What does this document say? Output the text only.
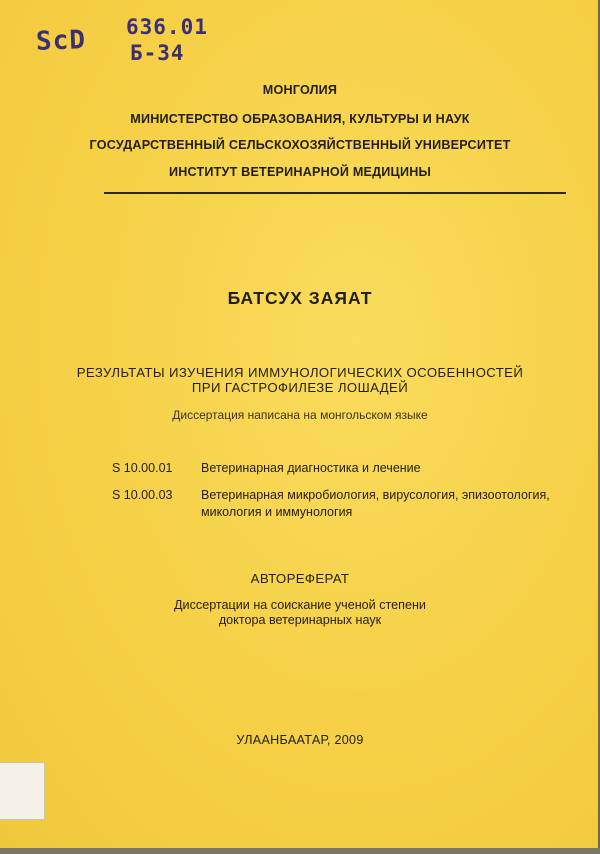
ScD 636.01
Б-34
МОНГОЛИЯ
МИНИСТЕРСТВО ОБРАЗОВАНИЯ, КУЛЬТУРЫ И НАУК
ГОСУДАРСТВЕННЫЙ СЕЛЬСКОХОЗЯЙСТВЕННЫЙ УНИВЕРСИТЕТ
ИНСТИТУТ ВЕТЕРИНАРНОЙ МЕДИЦИНЫ
БАТСУХ ЗАЯАТ
РЕЗУЛЬТАТЫ ИЗУЧЕНИЯ ИММУНОЛОГИЧЕСКИХ ОСОБЕННОСТЕЙ
ПРИ ГАСТРОФИЛЕЗЕ ЛОШАДЕЙ
Диссертация написана на монгольском языке
S 10.00.01 Ветеринарная диагностика и лечение
S 10.00.03 Ветеринарная микробиология, вирусология, эпизоотология, микология и иммунология
АВТОРЕФЕРАТ
Диссертации на соискание ученой степени
доктора ветеринарных наук
УЛААНБААТАР, 2009
